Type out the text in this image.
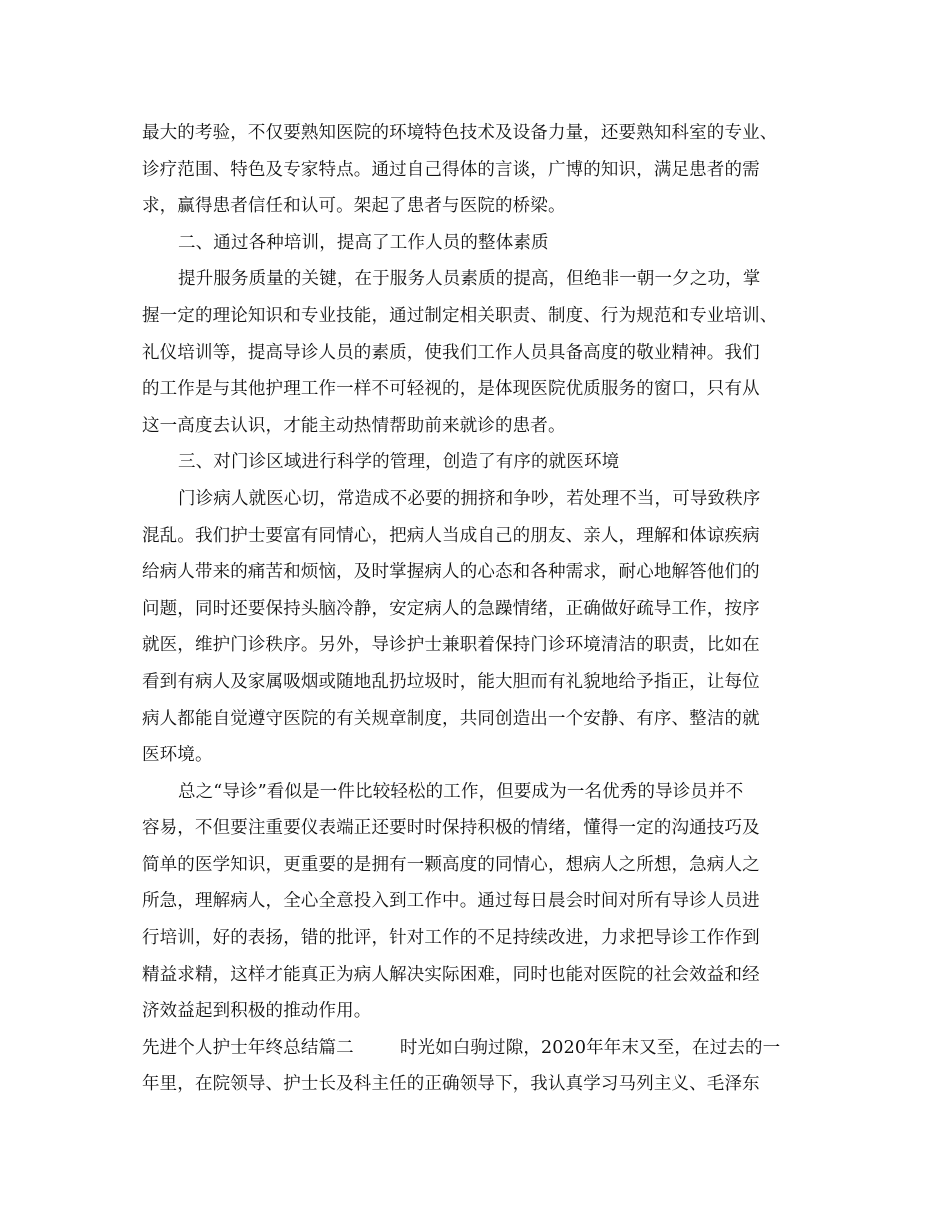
最大的考验，不仅要熟知医院的环境特色技术及设备力量，还要熟知科室的专业、
诊疗范围、特色及专家特点。通过自己得体的言谈，广博的知识，满足患者的需
求，赢得患者信任和认可。架起了患者与医院的桥梁。
二、通过各种培训，提高了工作人员的整体素质
提升服务质量的关键，在于服务人员素质的提高，但绝非一朝一夕之功，掌
握一定的理论知识和专业技能，通过制定相关职责、制度、行为规范和专业培训、
礼仪培训等，提高导诊人员的素质，使我们工作人员具备高度的敬业精神。我们
的工作是与其他护理工作一样不可轻视的，是体现医院优质服务的窗口，只有从
这一高度去认识，才能主动热情帮助前来就诊的患者。
三、对门诊区域进行科学的管理，创造了有序的就医环境
门诊病人就医心切，常造成不必要的拥挤和争吵，若处理不当，可导致秩序
混乱。我们护士要富有同情心，把病人当成自己的朋友、亲人，理解和体谅疾病
给病人带来的痛苦和烦恼，及时掌握病人的心态和各种需求，耐心地解答他们的
问题，同时还要保持头脑冷静，安定病人的急躁情绪，正确做好疏导工作，按序
就医，维护门诊秩序。另外，导诊护士兼职着保持门诊环境清洁的职责，比如在
看到有病人及家属吸烟或随地乱扔垃圾时，能大胆而有礼貌地给予指正，让每位
病人都能自觉遵守医院的有关规章制度，共同创造出一个安静、有序、整洁的就
医环境。
总之“导诊”看似是一件比较轻松的工作，但要成为一名优秀的导诊员并不
容易，不但要注重要仪表端正还要时时保持积极的情绪，懂得一定的沟通技巧及
简单的医学知识，更重要的是拥有一颗高度的同情心，想病人之所想，急病人之
所急，理解病人，全心全意投入到工作中。通过每日晨会时间对所有导诊人员进
行培训，好的表扬，错的批评，针对工作的不足持续改进，力求把导诊工作作到
精益求精，这样才能真正为病人解决实际困难，同时也能对医院的社会效益和经
济效益起到积极的推动作用。
先进个人护士年终总结篇二	时光如白驹过隙，2020年年末又至，在过去的一
年里，在院领导、护士长及科主任的正确领导下，我认真学习马列主义、毛泽东
